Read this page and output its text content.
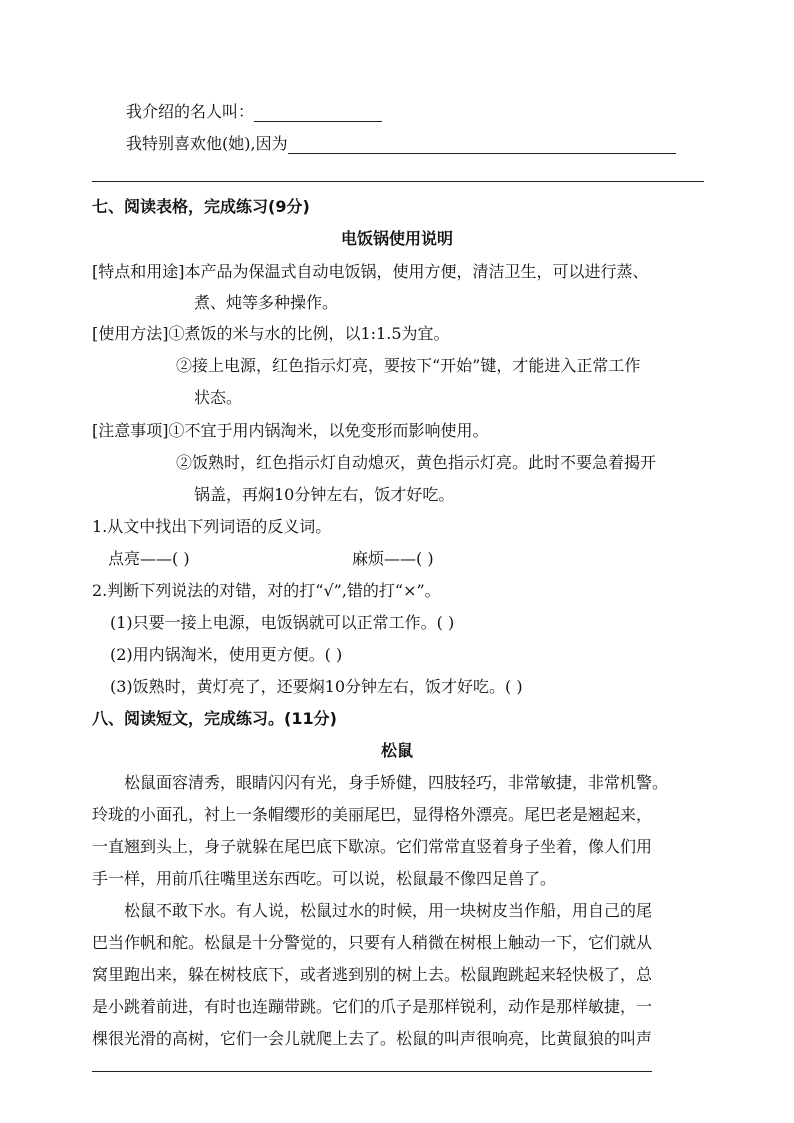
我介绍的名人叫：
我特别喜欢他(她),因为
七、阅读表格，完成练习(9分)
电饭锅使用说明
[特点和用途]本产品为保温式自动电饭锅，使用方便，清洁卫生，可以进行蒸、
煮、炖等多种操作。
[使用方法]①煮饭的米与水的比例，以1:1.5为宜。
②接上电源，红色指示灯亮，要按下“开始”键，才能进入正常工作
状态。
[注意事项]①不宜于用内锅淘米，以免变形而影响使用。
②饭熟时，红色指示灯自动熄灭，黄色指示灯亮。此时不要急着揭开
锅盖，再焖10分钟左右，饭才好吃。
1.从文中找出下列词语的反义词。
点亮——( )	麻烦——( )
2.判断下列说法的对错，对的打“√”,错的打“×”。
(1)只要一接上电源，电饭锅就可以正常工作。( )
(2)用内锅淘米，使用更方便。( )
(3)饭熟时，黄灯亮了，还要焖10分钟左右，饭才好吃。( )
八、阅读短文，完成练习。(11分)
松鼠
松鼠面容清秀，眼睛闪闪有光，身手矫健，四肢轻巧，非常敏捷，非常机警。
玲珑的小面孔，衬上一条帽缨形的美丽尾巴，显得格外漂亮。尾巴老是翘起来，
一直翘到头上，身子就躲在尾巴底下歇凉。它们常常直竖着身子坐着，像人们用
手一样，用前爪往嘴里送东西吃。可以说，松鼠最不像四足兽了。
松鼠不敢下水。有人说，松鼠过水的时候，用一块树皮当作船，用自己的尾
巴当作帆和舵。松鼠是十分警觉的，只要有人稍微在树根上触动一下，它们就从
窝里跑出来，躲在树枝底下，或者逃到别的树上去。松鼠跑跳起来轻快极了，总
是小跳着前进，有时也连蹦带跳。它们的爪子是那样锐利，动作是那样敏捷，一
棵很光滑的高树，它们一会儿就爬上去了。松鼠的叫声很响亮，比黄鼠狼的叫声
